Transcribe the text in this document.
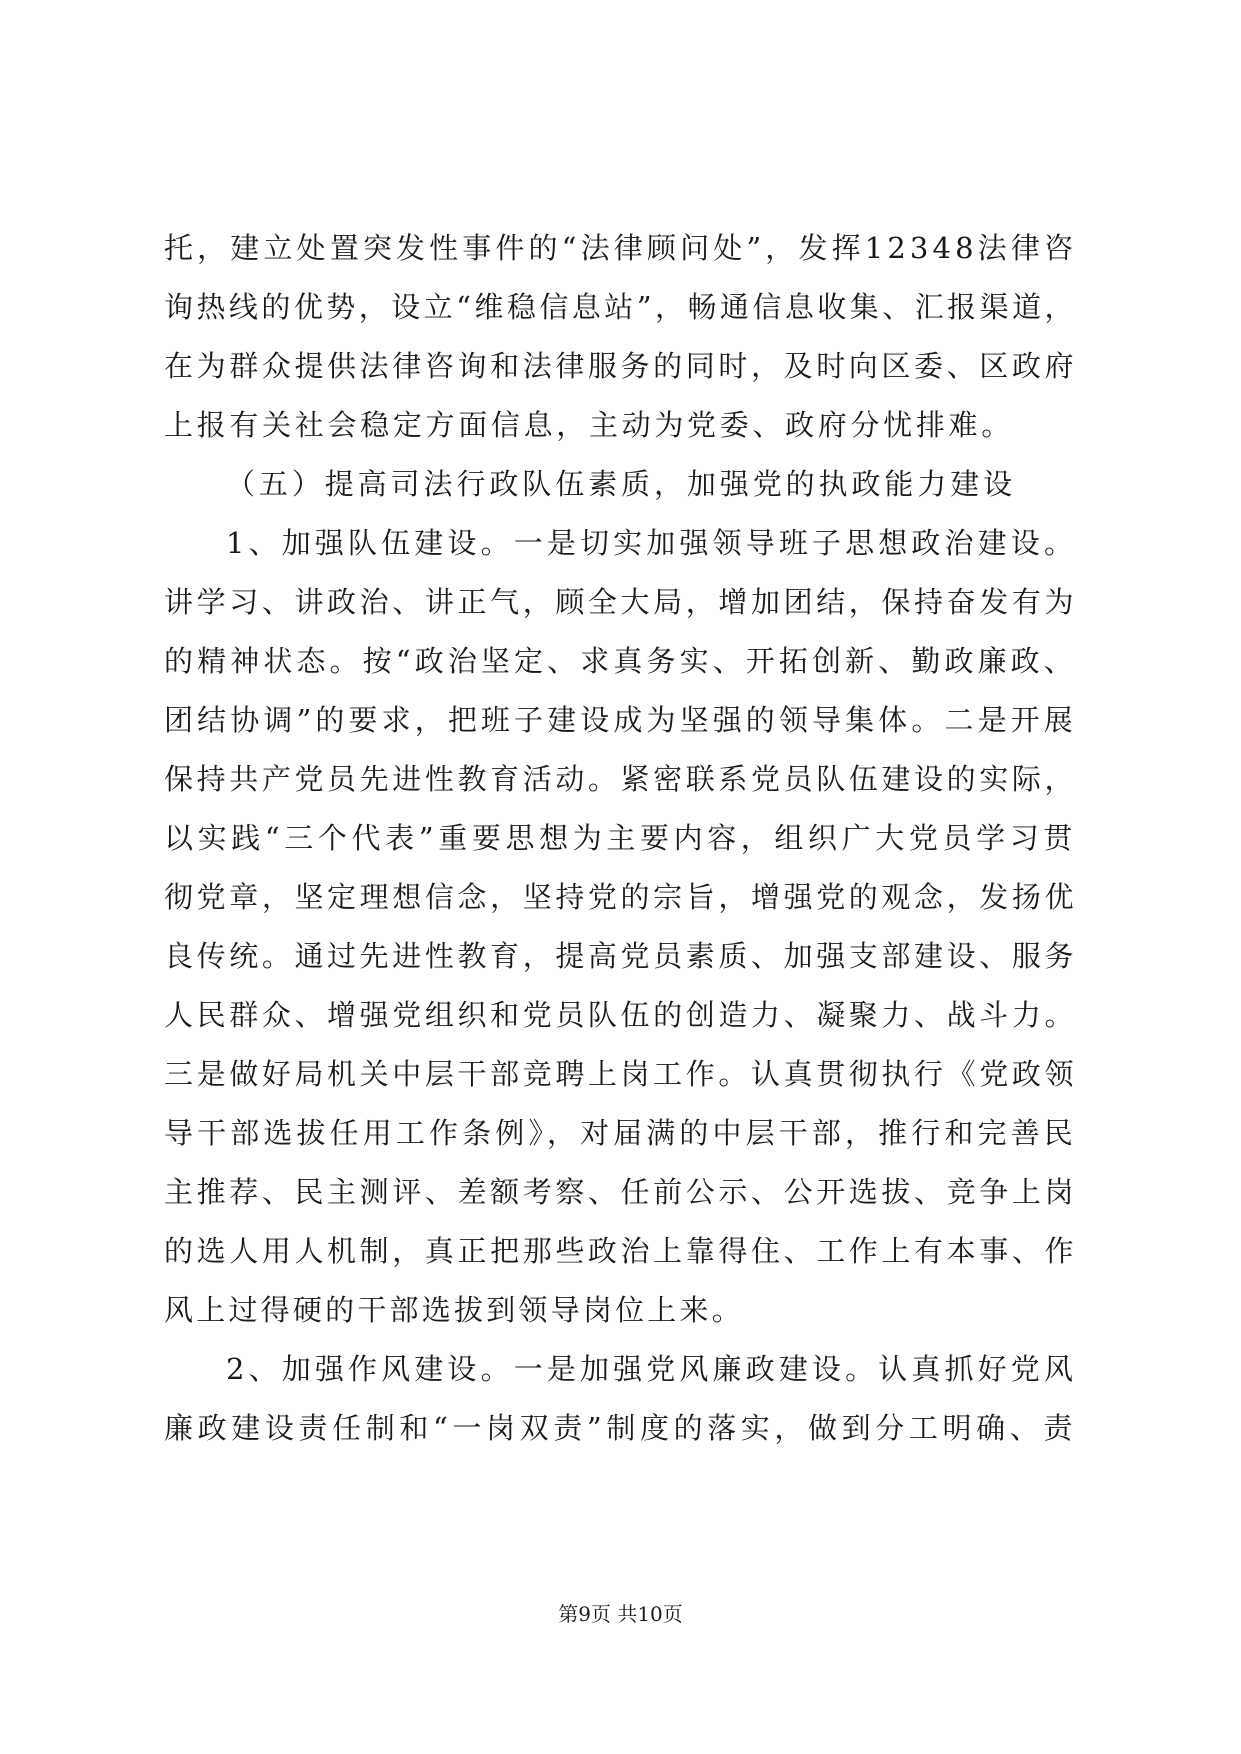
托，建立处置突发性事件的“法律顾问处”，发挥12348法律咨

询热线的优势，设立“维稳信息站”，畅通信息收集、汇报渠道，

在为群众提供法律咨询和法律服务的同时，及时向区委、区政府

上报有关社会稳定方面信息，主动为党委、政府分忧排难。

（五）提高司法行政队伍素质，加强党的执政能力建设

1、加强队伍建设。一是切实加强领导班子思想政治建设。

讲学习、讲政治、讲正气，顾全大局，增加团结，保持奋发有为

的精神状态。按“政治坚定、求真务实、开拓创新、勤政廉政、

团结协调”的要求，把班子建设成为坚强的领导集体。二是开展

保持共产党员先进性教育活动。紧密联系党员队伍建设的实际，

以实践“三个代表”重要思想为主要内容，组织广大党员学习贯

彻党章，坚定理想信念，坚持党的宗旨，增强党的观念，发扬优

良传统。通过先进性教育，提高党员素质、加强支部建设、服务

人民群众、增强党组织和党员队伍的创造力、凝聚力、战斗力。

三是做好局机关中层干部竞聘上岗工作。认真贯彻执行《党政领

导干部选拔任用工作条例》，对届满的中层干部，推行和完善民

主推荐、民主测评、差额考察、任前公示、公开选拔、竞争上岗

的选人用人机制，真正把那些政治上靠得住、工作上有本事、作

风上过得硬的干部选拔到领导岗位上来。

2、加强作风建设。一是加强党风廉政建设。认真抓好党风

廉政建设责任制和“一岗双责”制度的落实，做到分工明确、责

第9页 共10页
